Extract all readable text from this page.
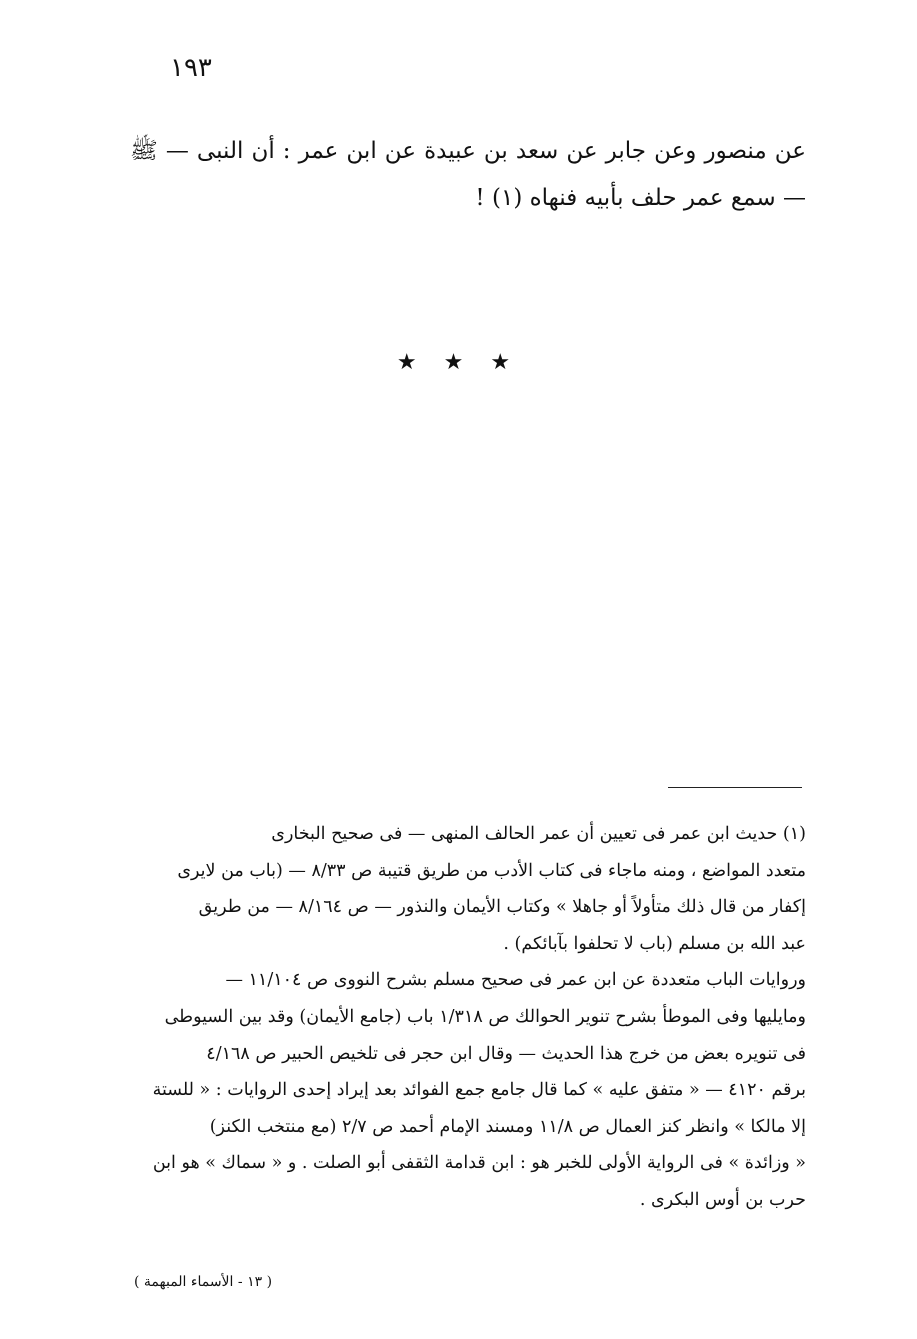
١٩٣

عن منصور وعن جابر عن سعد بن عبيدة عن ابن عمر : أن النبى — ﷺ — سمع عمر حلف بأبيه فنهاه (١) !

★ ★ ★
(١) حديث ابن عمر فى تعيين أن عمر الحالف المنهى — فى صحيح البخارى
متعدد المواضع ، ومنه ماجاء فى كتاب الأدب من طريق قتيبة ص ٨/٣٣ — (باب من لايرى
إكفار من قال ذلك متأولاً أو جاهلا » وكتاب الأيمان والنذور — ص ٨/١٦٤ — من طريق
عبد الله بن مسلم (باب لا تحلفوا بآبائكم) .
وروايات الباب متعددة عن ابن عمر فى صحيح مسلم بشرح النووى ص ١١/١٠٤ —
ومايليها وفى الموطأ بشرح تنوير الحوالك ص ١/٣١٨ باب (جامع الأيمان) وقد بين السيوطى
فى تنويره بعض من خرج هذا الحديث — وقال ابن حجر فى تلخيص الحبير ص ٤/١٦٨
برقم ٤١٢٠ — « متفق عليه » كما قال جامع جمع الفوائد بعد إيراد إحدى الروايات : « للستة
إلا مالكا » وانظر كنز العمال ص ١١/٨ ومسند الإمام أحمد ص ٢/٧ (مع منتخب الكنز)
« وزائدة » فى الرواية الأولى للخبر هو : ابن قدامة الثقفى أبو الصلت . و « سماك » هو ابن
حرب بن أوس البكرى .
( ١٣ - الأسماء المبهمة )
